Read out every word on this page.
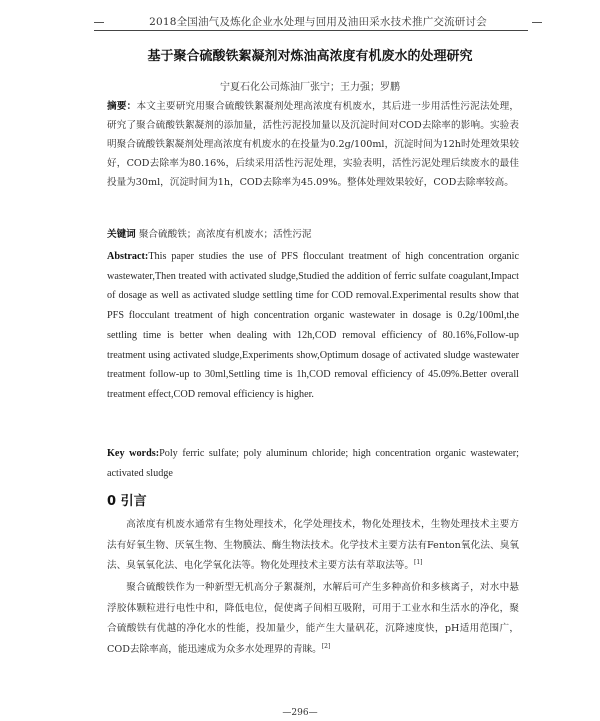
2018全国油气及炼化企业水处理与回用及油田采水技术推广交流研讨会
基于聚合硫酸铁絮凝剂对炼油高浓度有机废水的处理研究
宁夏石化公司炼油厂张宁；王力强；罗鹏
摘要：本文主要研究用聚合硫酸铁絮凝剂处理高浓度有机废水，其后进一步用活性污泥法处理，研究了聚合硫酸铁絮凝剂的添加量，活性污泥投加量以及沉淀时间对COD去除率的影响。实验表明聚合硫酸铁絮凝剂处理高浓度有机废水的在投量为0.2g/100ml，沉淀时间为12h时处理效果较好，COD去除率为80.16%，后续采用活性污泥处理，实验表明，活性污泥处理后续废水的最佳投量为30ml，沉淀时间为1h，COD去除率为45.09%。整体处理效果较好，COD去除率较高。
关键词 聚合硫酸铁；高浓度有机废水；活性污泥
Abstract:This paper studies the use of PFS flocculant treatment of high concentration organic wastewater,Then treated with activated sludge,Studied the addition of ferric sulfate coagulant,Impact of dosage as well as activated sludge settling time for COD removal.Experimental results show that PFS flocculant treatment of high concentration organic wastewater in dosage is 0.2g/100ml,the settling time is better when dealing with 12h,COD removal efficiency of 80.16%,Follow-up treatment using activated sludge,Experiments show,Optimum dosage of activated sludge wastewater treatment follow-up to 30ml,Settling time is 1h,COD removal efficiency of 45.09%.Better overall treatment effect,COD removal efficiency is higher.
Key words:Poly ferric sulfate; poly aluminum chloride; high concentration organic wastewater; activated sludge
0 引言
高浓度有机废水通常有生物处理技术，化学处理技术，物化处理技术，生物处理技术主要方法有好氧生物、厌氧生物、生物膜法、酶生物法技术。化学技术主要方法有Fenton氧化法、臭氧法、臭氧氧化法、电化学氧化法等。物化处理技术主要方法有萃取法等。[1]
聚合硫酸铁作为一种新型无机高分子絮凝剂，水解后可产生多种高价和多核离子，对水中悬浮胶体颗粒进行电性中和，降低电位，促使离子间相互吸附，可用于工业水和生活水的净化，聚合硫酸铁有优越的净化水的性能，投加量少，能产生大量矾花，沉降速度快，pH适用范围广，COD去除率高，能迅速成为众多水处理界的青睐。[2]
—296—
